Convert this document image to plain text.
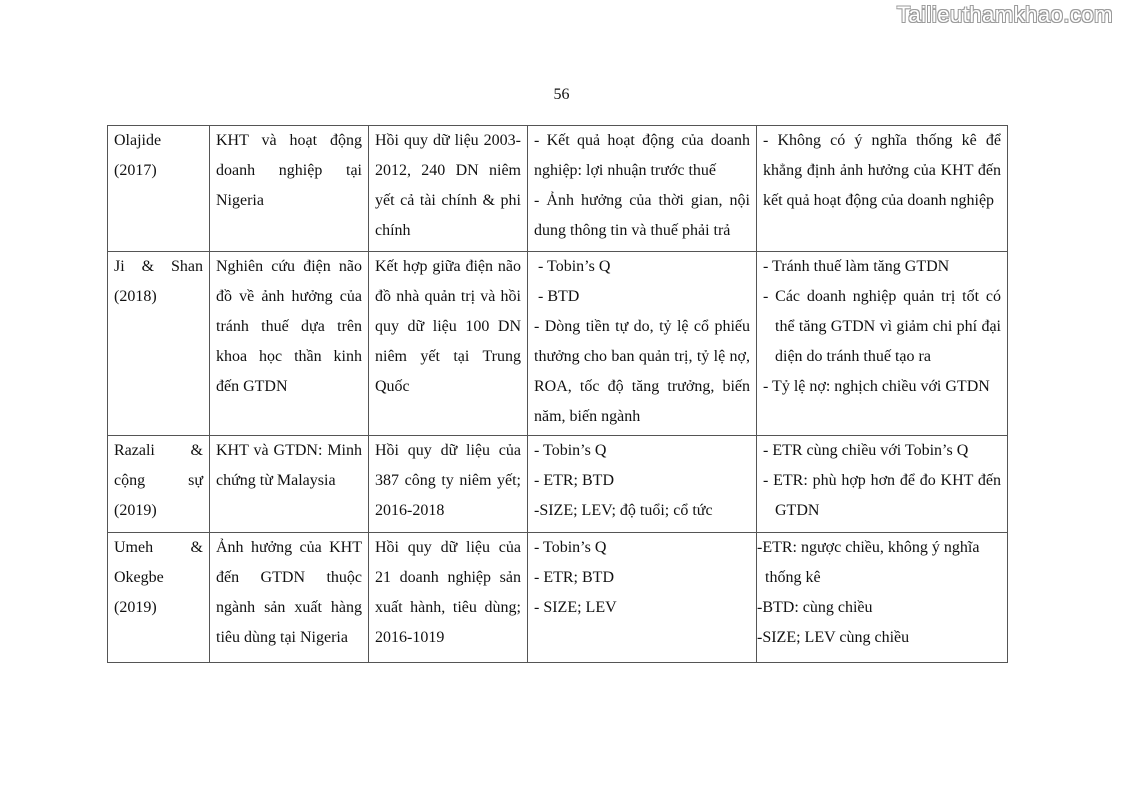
Tailieuthamkhao.com
56
Olajide
(2017)	KHT và hoạt động doanh nghiệp tại Nigeria	Hồi quy dữ liệu 2003-2012, 240 DN niêm yết cả tài chính & phi chính	- Kết quả hoạt động của doanh nghiệp: lợi nhuận trước thuế
- Ảnh hưởng của thời gian, nội dung thông tin và thuế phải trả	- Không có ý nghĩa thống kê để khẳng định ảnh hưởng của KHT đến kết quả hoạt động của doanh nghiệp

Ji & Shan
(2018)	Nghiên cứu điện não đồ về ảnh hưởng của tránh thuế dựa trên khoa học thần kinh đến GTDN	Kết hợp giữa điện não đồ nhà quản trị và hồi quy dữ liệu 100 DN niêm yết tại Trung Quốc	- Tobin’s Q
- BTD
- Dòng tiền tự do, tỷ lệ cổ phiếu thưởng cho ban quản trị, tỷ lệ nợ, ROA, tốc độ tăng trưởng, biến năm, biến ngành	- Tránh thuế làm tăng GTDN
- Các doanh nghiệp quản trị tốt có thể tăng GTDN vì giảm chi phí đại diện do tránh thuế tạo ra
- Tỷ lệ nợ: nghịch chiều với GTDN

Razali &
cộng sự
(2019)	KHT và GTDN: Minh chứng từ Malaysia	Hồi quy dữ liệu của 387 công ty niêm yết; 2016-2018	- Tobin’s Q
- ETR; BTD
-SIZE; LEV; độ tuổi; cổ tức	- ETR cùng chiều với Tobin’s Q
- ETR: phù hợp hơn để đo KHT đến GTDN

Umeh &
Okegbe
(2019)	Ảnh hưởng của KHT đến GTDN thuộc ngành sản xuất hàng tiêu dùng tại Nigeria	Hồi quy dữ liệu của 21 doanh nghiệp sản xuất hành, tiêu dùng; 2016-1019	- Tobin’s Q
- ETR; BTD
- SIZE; LEV	-ETR: ngược chiều, không ý nghĩa thống kê
-BTD: cùng chiều
-SIZE; LEV cùng chiều
